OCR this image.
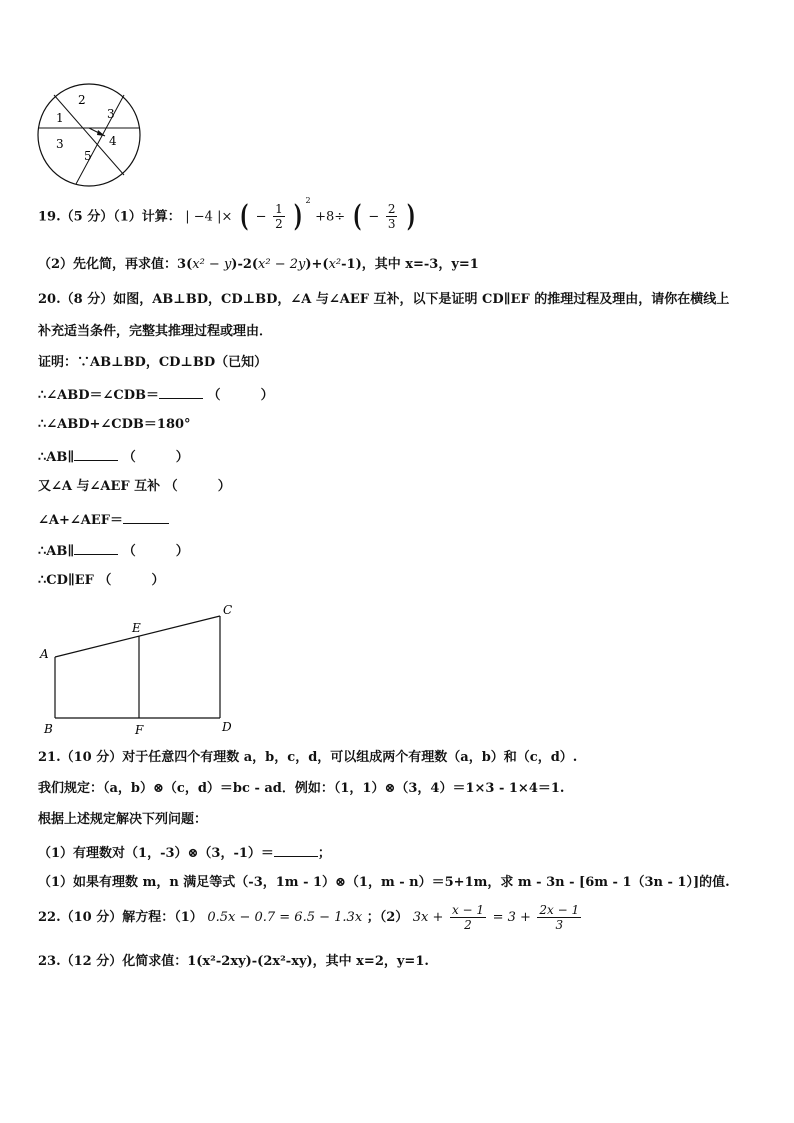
2
3
4
5
3
1
19.（5 分）（1）计算： | −4 |× ( − $\frac{1}{2}$ ) $^2$ +8÷ ( − $\frac{2}{3}$ )
（2）先化简，再求值：3(x² − y)-2(x² − 2y)+(x²-1)，其中 x=-3，y=1
20.（8 分）如图，AB⊥BD，CD⊥BD，∠A 与∠AEF 互补，以下是证明 CD∥EF 的推理过程及理由，请你在横线上
补充适当条件，完整其推理过程或理由．
证明：∵AB⊥BD，CD⊥BD（已知）
∴∠ABD＝∠CDB＝	（	）
∴∠ABD+∠CDB＝180°
∴AB∥	（	）
又∠A 与∠AEF 互补 （	）
∠A+∠AEF＝
∴AB∥	（	）
∴CD∥EF （	）
A
B
C
D
E
F
21.（10 分）对于任意四个有理数 a，b，c，d，可以组成两个有理数（a，b）和（c，d）.
我们规定：（a，b）⊗（c，d）＝bc - ad．例如：（1，1）⊗（3，4）＝1×3 - 1×4＝1.
根据上述规定解决下列问题：
（1）有理数对（1，-3）⊗（3，-1）＝	；
（1）如果有理数 m，n 满足等式（-3，1m - 1）⊗（1，m - n）＝5+1m，求 m - 3n - [6m - 1（3n - 1）]的值.
22.（10 分）解方程：（1） 0.5x − 0.7 = 6.5 − 1.3x ；（2） $3x + \frac{x - 1}{2} = 3 + \frac{2x - 1}{3}$
23.（12 分）化简求值：1(x²-2xy)-(2x²-xy)，其中 x=2，y=1.
